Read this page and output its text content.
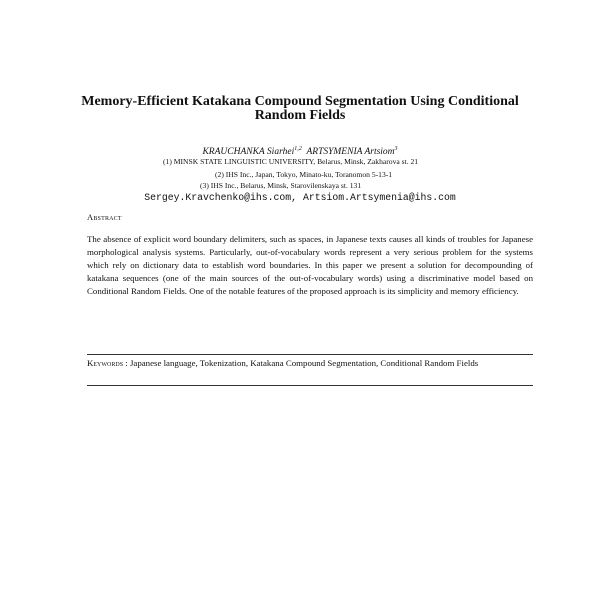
Memory-Efficient Katakana Compound Segmentation Using Conditional Random Fields
KRAUCHANKA Siarhei$^{1,2}$ ARTSYMENIA Artsiom$^3$
(1) MINSK STATE LINGUISTIC UNIVERSITY, Belarus, Minsk, Zakharova st. 21
(2) IHS Inc., Japan, Tokyo, Minato-ku, Toranomon 5-13-1
(3) IHS Inc., Belarus, Minsk, Starovilenskaya st. 131
Sergey.Kravchenko@ihs.com, Artsiom.Artsymenia@ihs.com
Abstract

The absence of explicit word boundary delimiters, such as spaces, in Japanese texts causes all kinds of troubles for Japanese morphological analysis systems. Particularly, out-of-vocabulary words represent a very serious problem for the systems which rely on dictionary data to establish word boundaries. In this paper we present a solution for decompounding of katakana sequences (one of the main sources of the out-of-vocabulary words) using a discriminative model based on Conditional Random Fields. One of the notable features of the proposed approach is its simplicity and memory efficiency.

Keywords : Japanese language, Tokenization, Katakana Compound Segmentation, Conditional Random Fields
